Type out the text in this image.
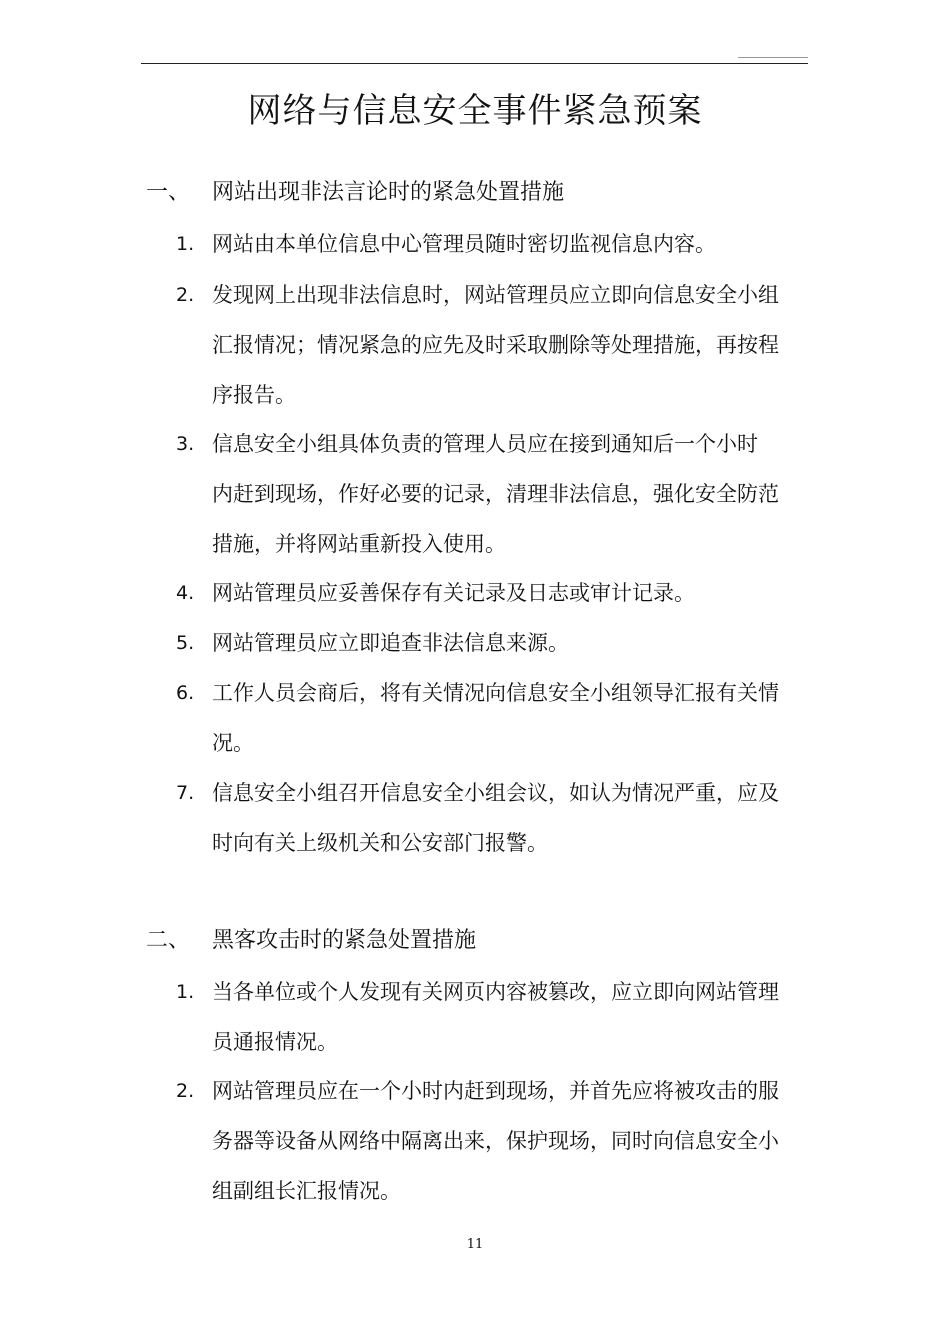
网络与信息安全事件紧急预案
一、 网站出现非法言论时的紧急处置措施
1. 网站由本单位信息中心管理员随时密切监视信息内容。
2. 发现网上出现非法信息时，网站管理员应立即向信息安全小组
汇报情况；情况紧急的应先及时采取删除等处理措施，再按程
序报告。
3. 信息安全小组具体负责的管理人员应在接到通知后一个小时
内赶到现场，作好必要的记录，清理非法信息，强化安全防范
措施，并将网站重新投入使用。
4. 网站管理员应妥善保存有关记录及日志或审计记录。
5. 网站管理员应立即追查非法信息来源。
6. 工作人员会商后，将有关情况向信息安全小组领导汇报有关情
况。
7. 信息安全小组召开信息安全小组会议，如认为情况严重，应及
时向有关上级机关和公安部门报警。
二、 黑客攻击时的紧急处置措施
1. 当各单位或个人发现有关网页内容被篡改，应立即向网站管理
员通报情况。
2. 网站管理员应在一个小时内赶到现场，并首先应将被攻击的服
务器等设备从网络中隔离出来，保护现场，同时向信息安全小
组副组长汇报情况。
11
